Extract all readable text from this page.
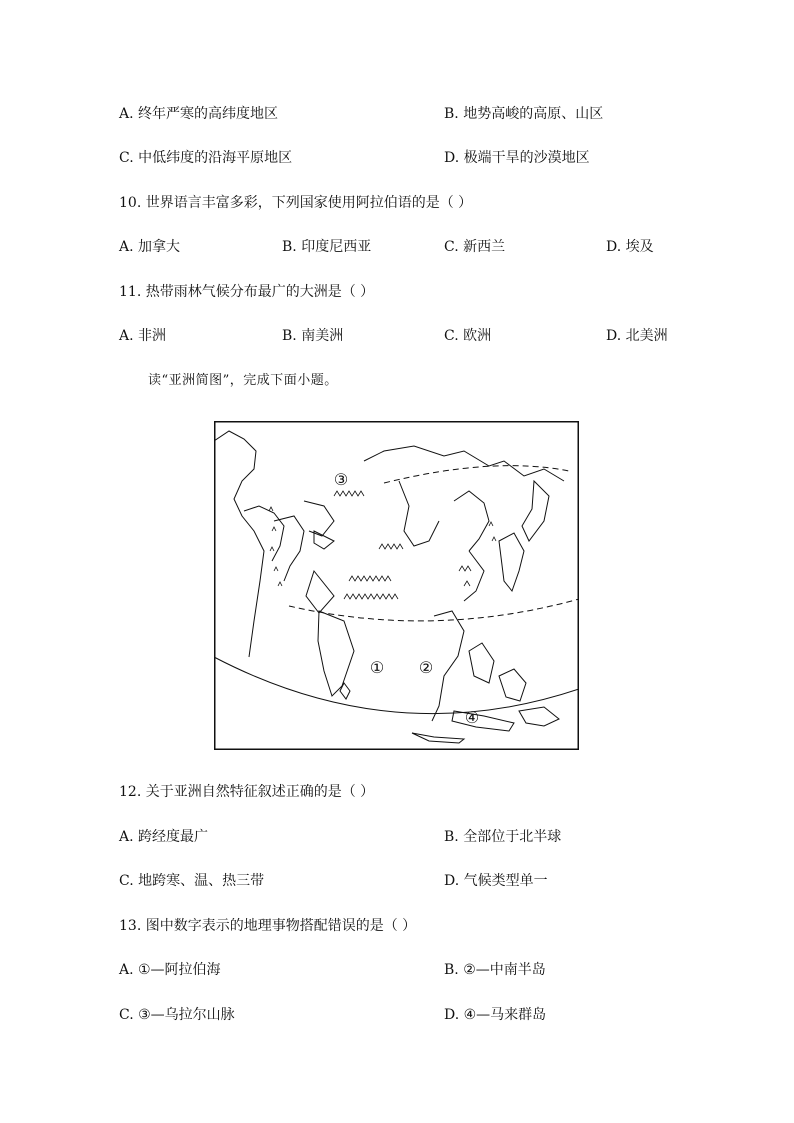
A. 终年严寒的高纬度地区	B. 地势高峻的高原、山区
C. 中低纬度的沿海平原地区	D. 极端干旱的沙漠地区
10. 世界语言丰富多彩，下列国家使用阿拉伯语的是（ ）
A. 加拿大	B. 印度尼西亚	C. 新西兰	D. 埃及
11. 热带雨林气候分布最广的大洲是（ ）
A. 非洲	B. 南美洲	C. 欧洲	D. 北美洲
读“亚洲简图”，完成下面小题。
③
① ②
④
12. 关于亚洲自然特征叙述正确的是（ ）
A. 跨经度最广	B. 全部位于北半球
C. 地跨寒、温、热三带	D. 气候类型单一
13. 图中数字表示的地理事物搭配错误的是（ ）
A. ①—阿拉伯海	B. ②—中南半岛
C. ③—乌拉尔山脉	D. ④—马来群岛
